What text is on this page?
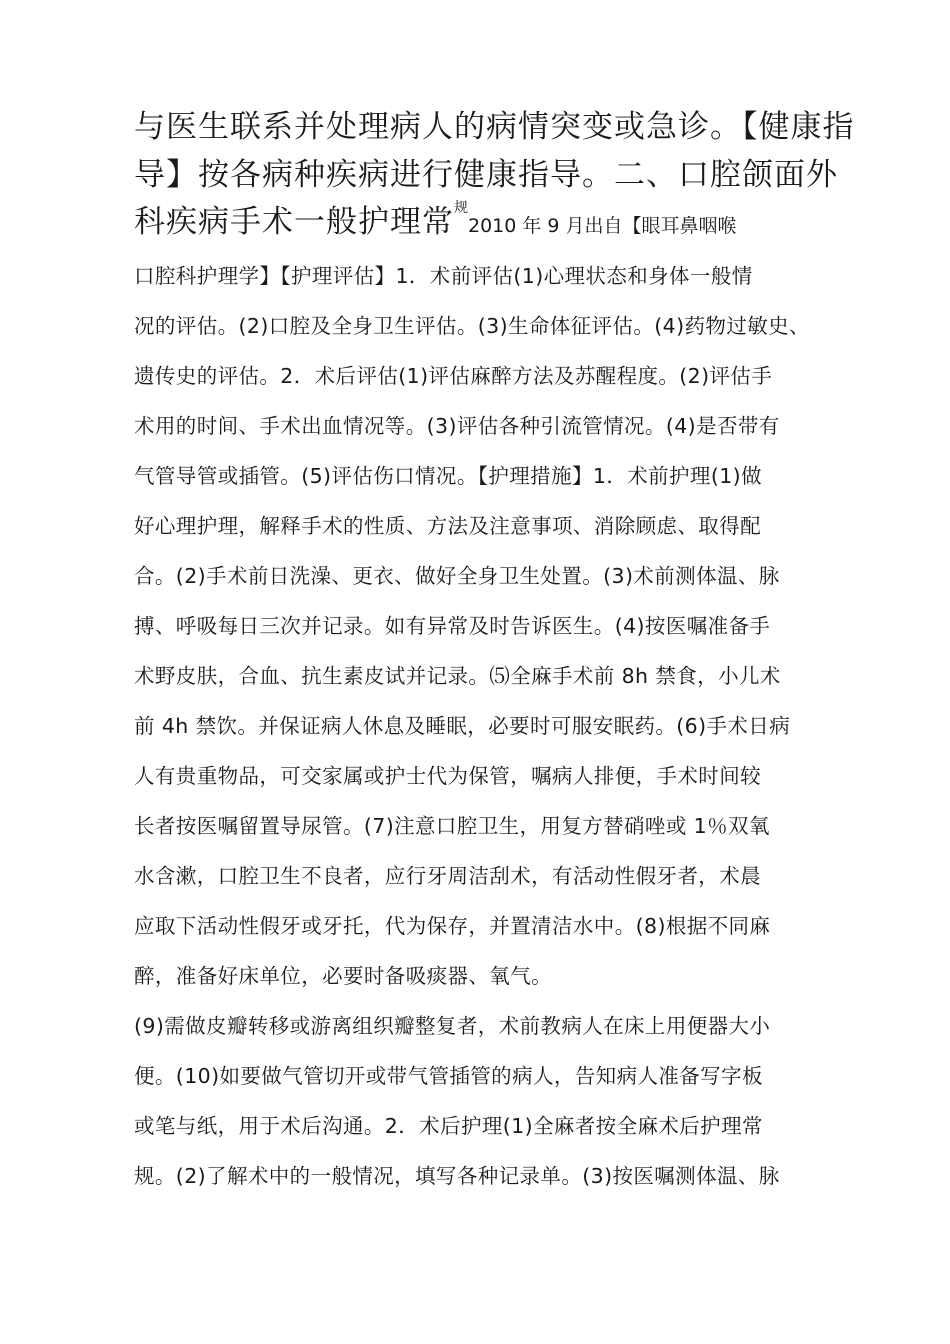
与医生联系并处理病人的病情突变或急诊。【健康指
导】按各病种疾病进行健康指导。二、口腔颌面外
科疾病手术一般护理常规2010 年 9 月出自【眼耳鼻咽喉
口腔科护理学】【护理评估】1．术前评估(1)心理状态和身体一般情
况的评估。(2)口腔及全身卫生评估。(3)生命体征评估。(4)药物过敏史、
遗传史的评估。2．术后评估(1)评估麻醉方法及苏醒程度。(2)评估手
术用的时间、手术出血情况等。(3)评估各种引流管情况。(4)是否带有
气管导管或插管。(5)评估伤口情况。【护理措施】1．术前护理(1)做
好心理护理，解释手术的性质、方法及注意事项、消除顾虑、取得配
合。(2)手术前日洗澡、更衣、做好全身卫生处置。(3)术前测体温、脉
搏、呼吸每日三次并记录。如有异常及时告诉医生。(4)按医嘱准备手
术野皮肤，合血、抗生素皮试并记录。⑸全麻手术前 8h 禁食，小儿术
前 4h 禁饮。并保证病人休息及睡眠，必要时可服安眠药。(6)手术日病
人有贵重物品，可交家属或护士代为保管，嘱病人排便，手术时间较
长者按医嘱留置导尿管。(7)注意口腔卫生，用复方替硝唑或 1％双氧
水含漱，口腔卫生不良者，应行牙周洁刮术，有活动性假牙者，术晨
应取下活动性假牙或牙托，代为保存，并置清洁水中。(8)根据不同麻
醉，准备好床单位，必要时备吸痰器、氧气。
(9)需做皮瓣转移或游离组织瓣整复者，术前教病人在床上用便器大小
便。(10)如要做气管切开或带气管插管的病人，告知病人准备写字板
或笔与纸，用于术后沟通。2．术后护理(1)全麻者按全麻术后护理常
规。(2)了解术中的一般情况，填写各种记录单。(3)按医嘱测体温、脉
